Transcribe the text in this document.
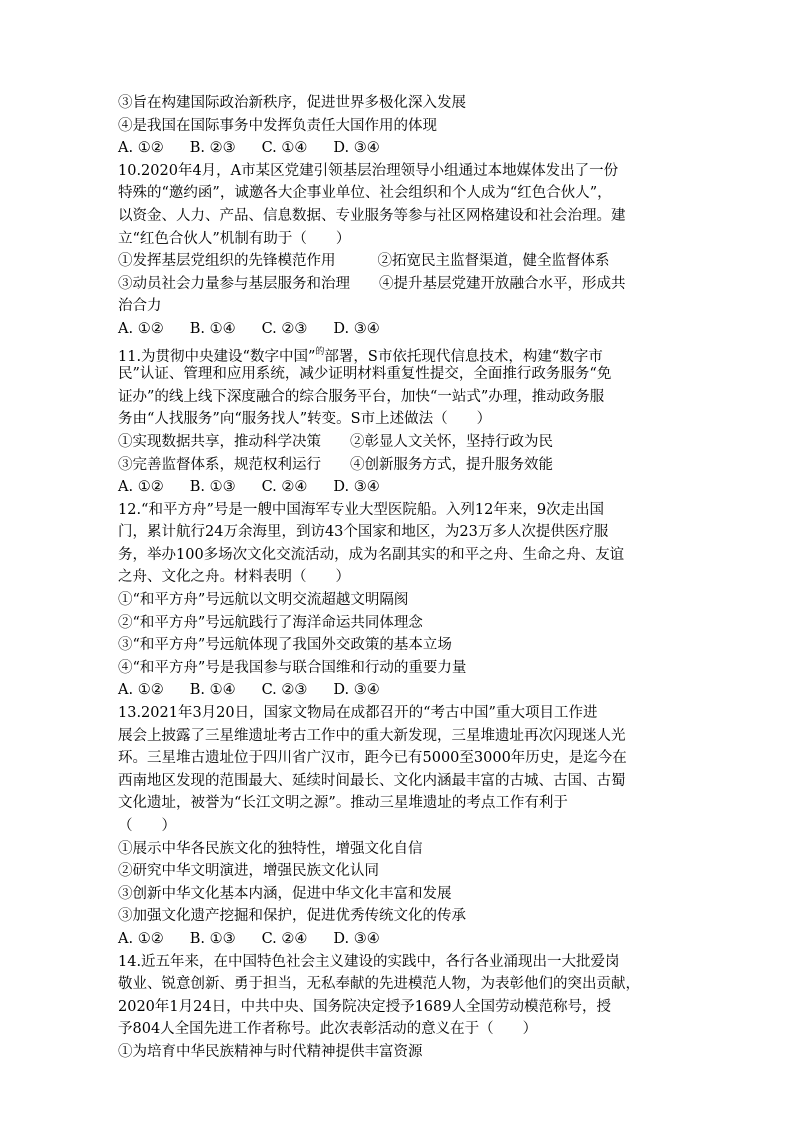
③旨在构建国际政治新秩序，促进世界多极化深入发展
④是我国在国际事务中发挥负责任大国作用的体现
A. ①② B. ②③ C. ①④ D. ③④
10.2020年4月，A市某区党建引领基层治理领导小组通过本地媒体发出了一份
特殊的“邀约函”，诚邀各大企事业单位、社会组织和个人成为“红色合伙人”，
以资金、人力、产品、信息数据、专业服务等参与社区网格建设和社会治理。建
立“红色合伙人”机制有助于（　　）
①发挥基层党组织的先锋模范作用	②拓宽民主监督渠道，健全监督体系
③动员社会力量参与基层服务和治理　　④提升基层党建开放融合水平，形成共
治合力
A. ①② B. ①④ C. ②③ D. ③④
11.为贯彻中央建设“数字中国”$^的$部署，S市依托现代信息技术，构建“数字市
民”认证、管理和应用系统，减少证明材料重复性提交，全面推行政务服务“免
证办”的线上线下深度融合的综合服务平台，加快“一站式”办理，推动政务服
务由“人找服务”向“服务找人”转变。S市上述做法（　　）
①实现数据共享，推动科学决策　　②彰显人文关怀，坚持行政为民
③完善监督体系，规范权利运行　　④创新服务方式，提升服务效能
A. ①② B. ①③ C. ②④ D. ③④
12.“和平方舟”号是一艘中国海军专业大型医院船。入列12年来，9次走出国
门，累计航行24万余海里，到访43个国家和地区，为23万多人次提供医疗服
务，举办100多场次文化交流活动，成为名副其实的和平之舟、生命之舟、友谊
之舟、文化之舟。材料表明（　　）
①“和平方舟”号远航以文明交流超越文明隔阂
②“和平方舟”号远航践行了海洋命运共同体理念
③“和平方舟”号远航体现了我国外交政策的基本立场
④“和平方舟”号是我国参与联合国维和行动的重要力量
A. ①② B. ①④ C. ②③ D. ③④
13.2021年3月20日，国家文物局在成都召开的“考古中国”重大项目工作进
展会上披露了三星维遗址考古工作中的重大新发现，三星堆遗址再次闪现迷人光
环。三星堆古遗址位于四川省广汉市，距今已有5000至3000年历史，是迄今在
西南地区发现的范围最大、延续时间最长、文化内涵最丰富的古城、古国、古蜀
文化遗址，被誉为“长江文明之源”。推动三星堆遗址的考点工作有利于
（　　）
①展示中华各民族文化的独特性，增强文化自信
②研究中华文明演进，增强民族文化认同
③创新中华文化基本内涵，促进中华文化丰富和发展
③加强文化遗产挖掘和保护，促进优秀传统文化的传承
A. ①② B. ①③ C. ②④ D. ③④
14.近五年来，在中国特色社会主义建设的实践中，各行各业涌现出一大批爱岗
敬业、锐意创新、勇于担当，无私奉献的先进模范人物，为表彰他们的突出贡献，
2020年1月24日，中共中央、国务院决定授予1689人全国劳动模范称号，授
予804人全国先进工作者称号。此次表彰活动的意义在于（　　）
①为培育中华民族精神与时代精神提供丰富资源
